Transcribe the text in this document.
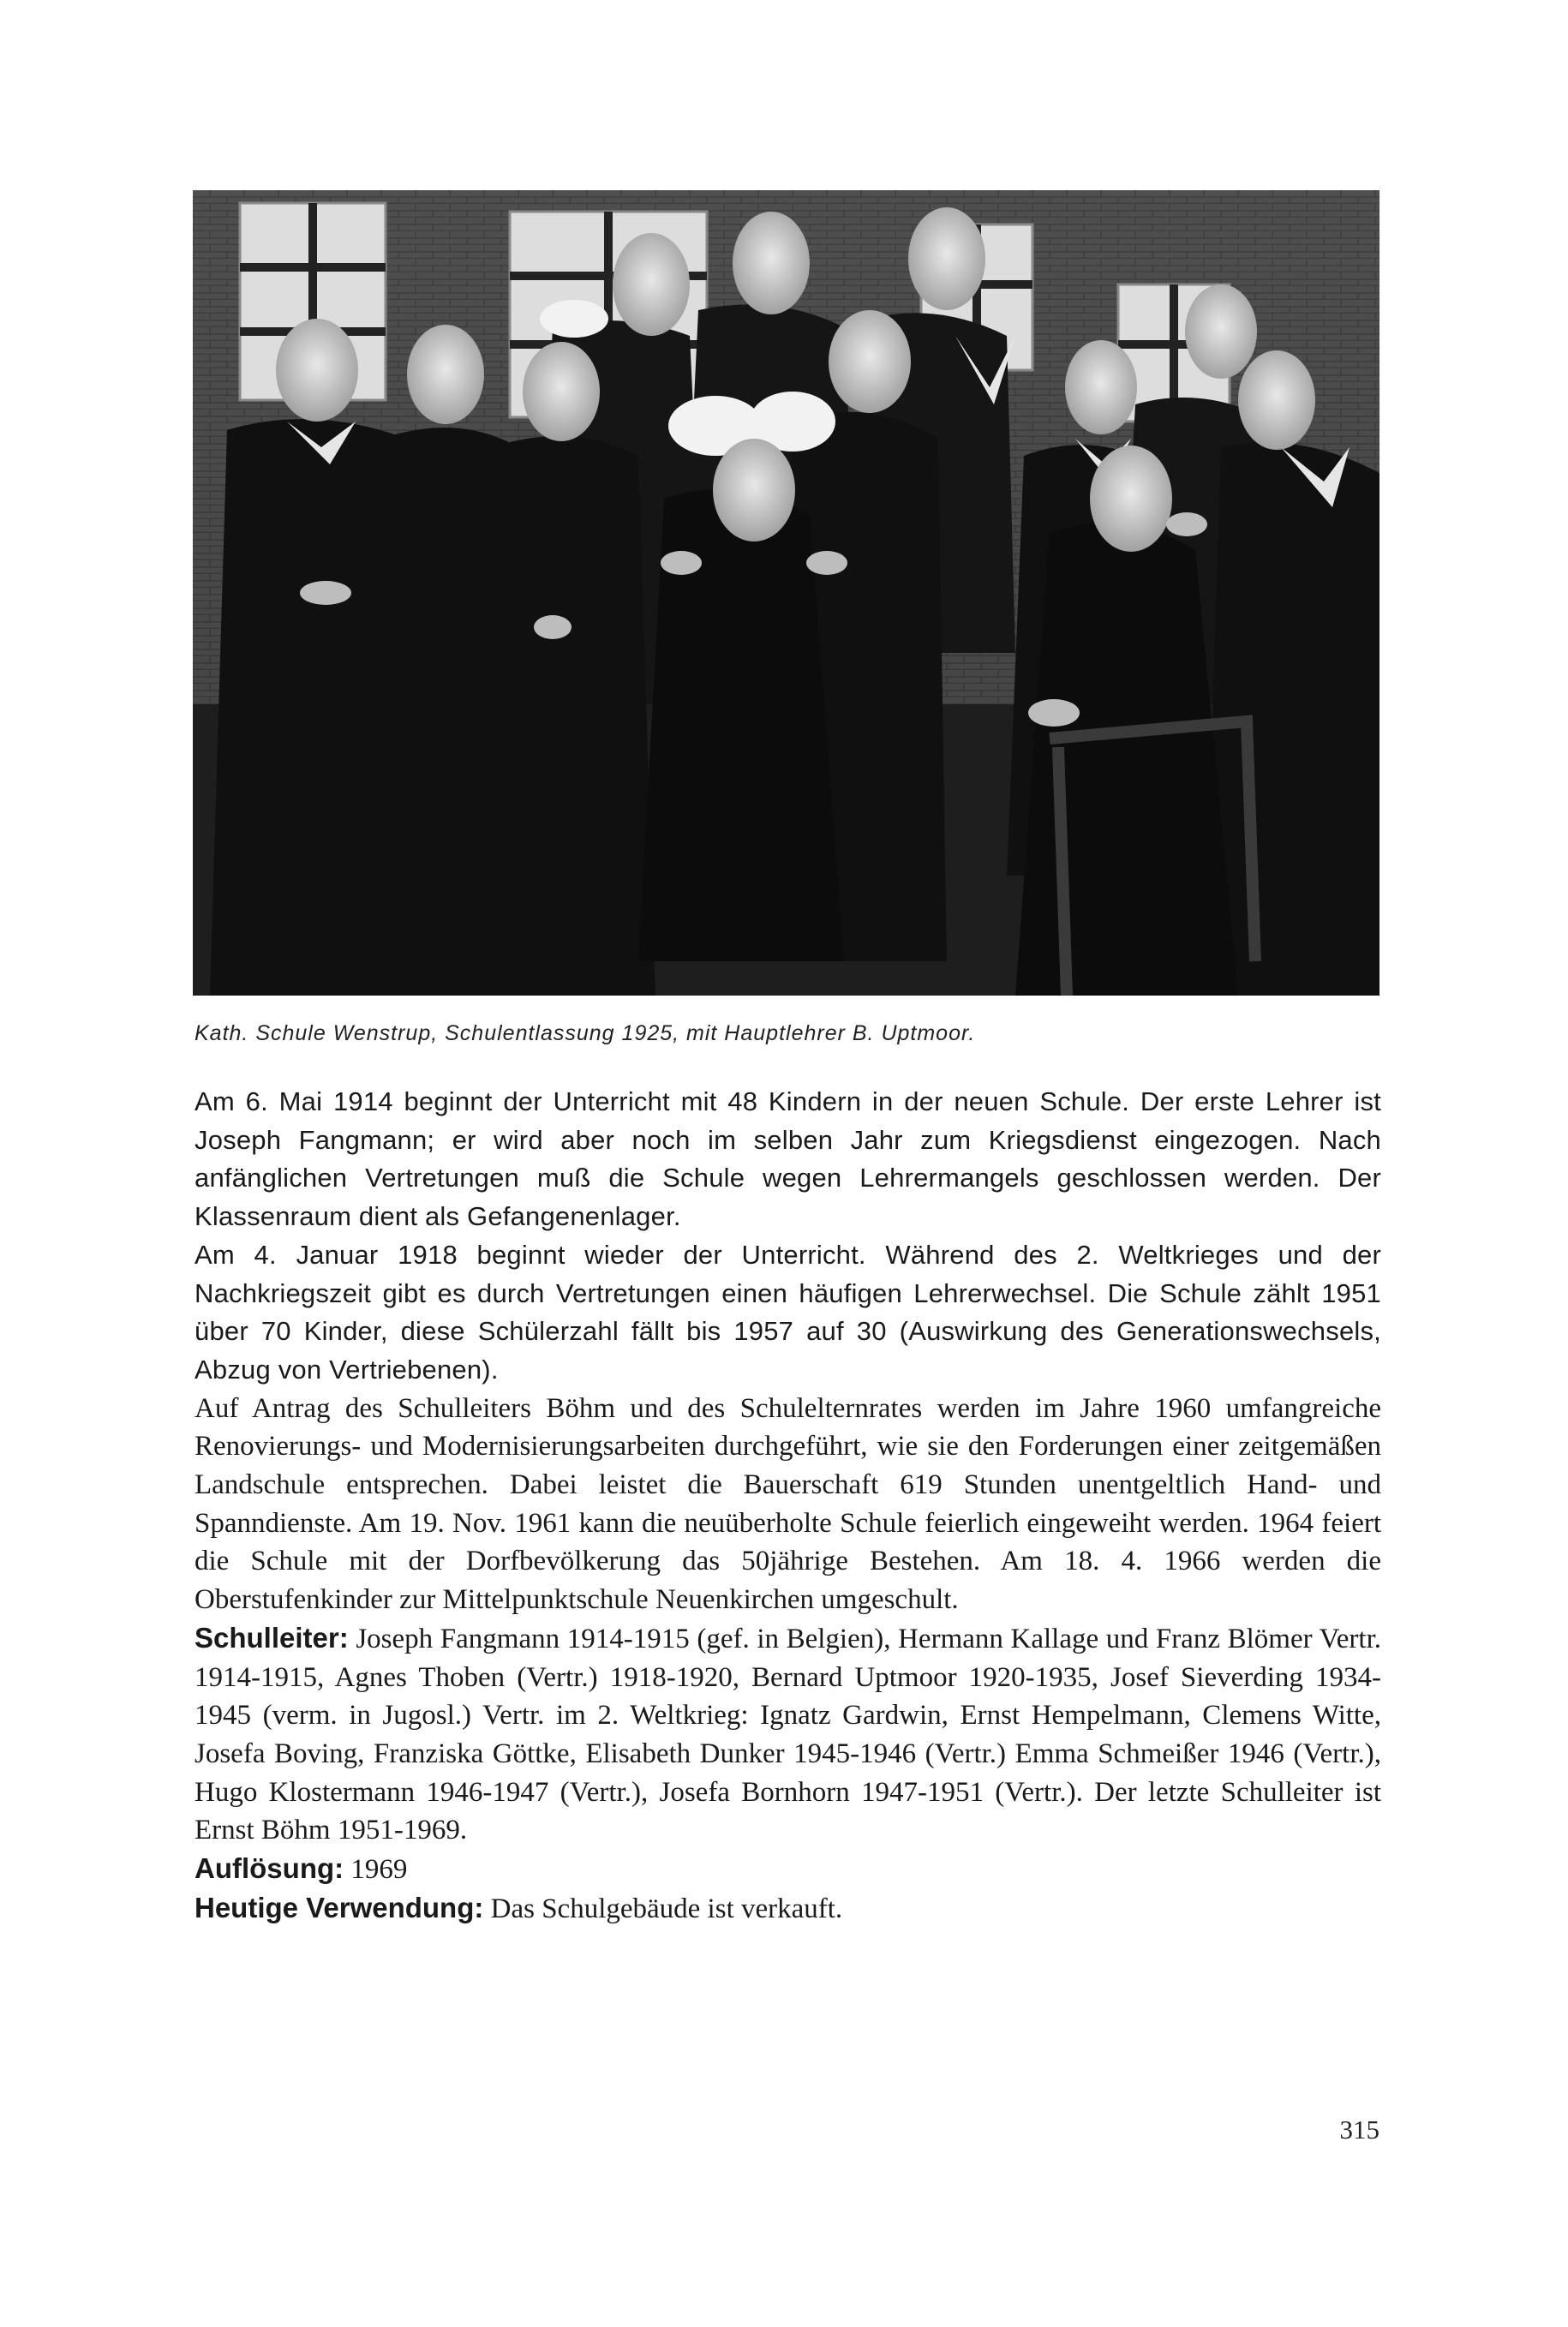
Kath. Schule Wenstrup, Schulentlassung 1925, mit Hauptlehrer B. Uptmoor.

Am 6. Mai 1914 beginnt der Unterricht mit 48 Kindern in der neuen Schule. Der erste Lehrer ist Joseph Fangmann; er wird aber noch im selben Jahr zum Kriegsdienst eingezogen. Nach anfänglichen Vertretungen muß die Schule wegen Lehrermangels geschlossen werden. Der Klassenraum dient als Gefangenenlager.

Am 4. Januar 1918 beginnt wieder der Unterricht. Während des 2. Weltkrieges und der Nachkriegszeit gibt es durch Vertretungen einen häufigen Lehrerwechsel. Die Schule zählt 1951 über 70 Kinder, diese Schülerzahl fällt bis 1957 auf 30 (Auswirkung des Generationswechsels, Abzug von Vertriebenen).

Auf Antrag des Schulleiters Böhm und des Schulelternrates werden im Jahre 1960 umfangreiche Renovierungs- und Modernisierungsarbeiten durchgeführt, wie sie den Forderungen einer zeitgemäßen Landschule entsprechen. Dabei leistet die Bauerschaft 619 Stunden unentgeltlich Hand- und Spanndienste. Am 19. Nov. 1961 kann die neuüberholte Schule feierlich eingeweiht werden. 1964 feiert die Schule mit der Dorfbevölkerung das 50jährige Bestehen. Am 18. 4. 1966 werden die Oberstufenkinder zur Mittelpunktschule Neuenkirchen umgeschult.

Schulleiter: Joseph Fangmann 1914-1915 (gef. in Belgien), Hermann Kallage und Franz Blömer Vertr. 1914-1915, Agnes Thoben (Vertr.) 1918-1920, Bernard Uptmoor 1920-1935, Josef Sieverding 1934-1945 (verm. in Jugosl.) Vertr. im 2. Weltkrieg: Ignatz Gardwin, Ernst Hempelmann, Clemens Witte, Josefa Boving, Franziska Göttke, Elisabeth Dunker 1945-1946 (Vertr.) Emma Schmeißer 1946 (Vertr.), Hugo Klostermann 1946-1947 (Vertr.), Josefa Bornhorn 1947-1951 (Vertr.). Der letzte Schulleiter ist Ernst Böhm 1951-1969.

Auflösung: 1969

Heutige Verwendung: Das Schulgebäude ist verkauft.

315
